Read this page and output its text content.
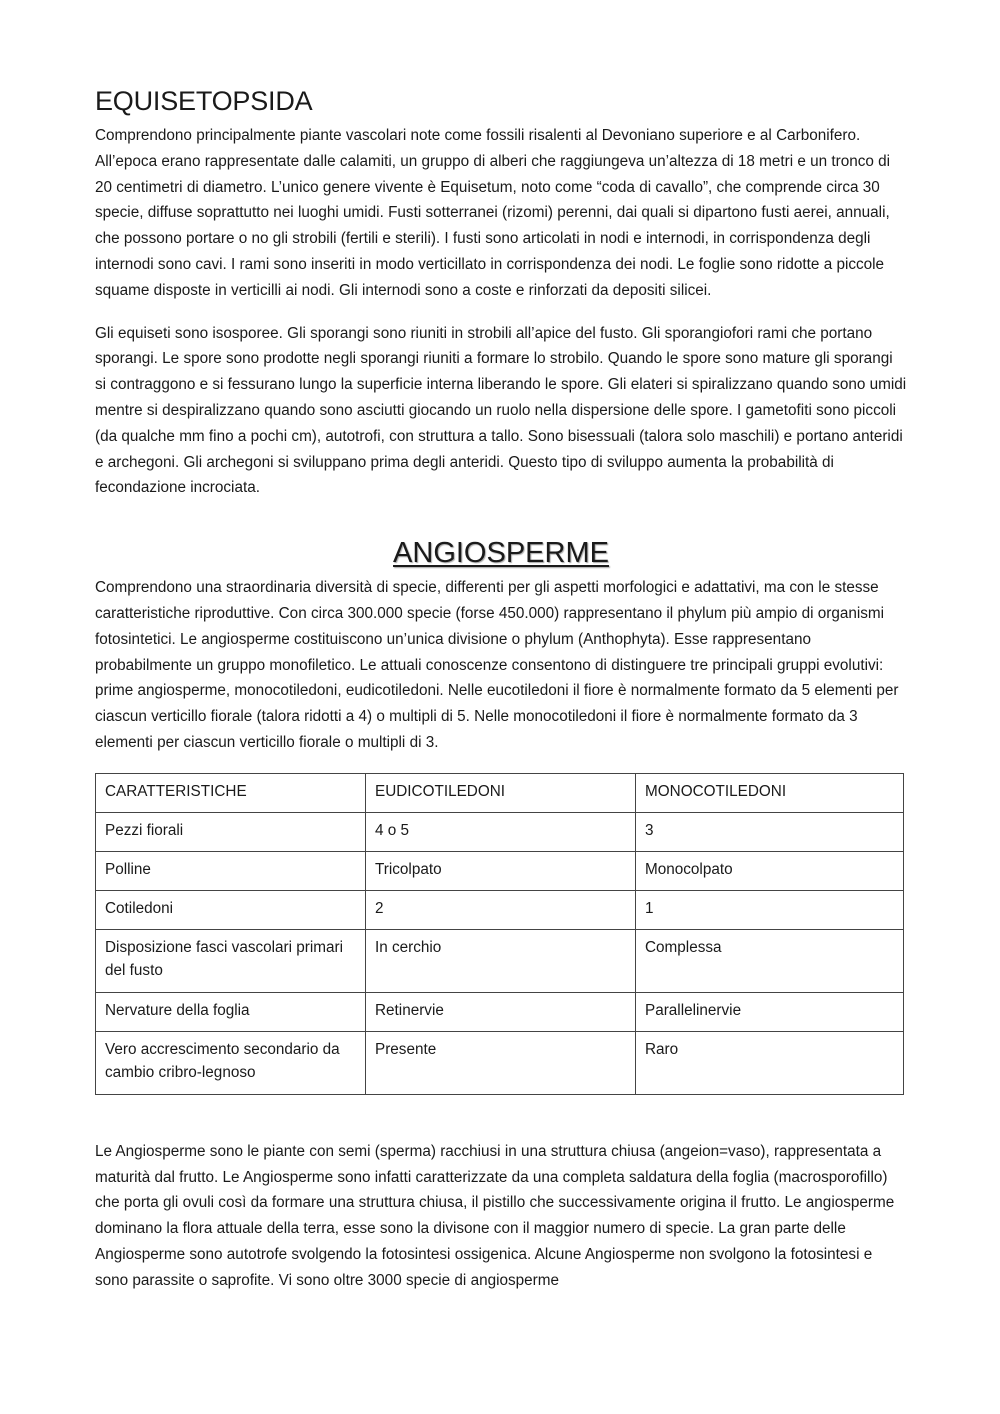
EQUISETOPSIDA

Comprendono principalmente piante vascolari note come fossili risalenti al Devoniano superiore e al Carbonifero. All’epoca erano rappresentate dalle calamiti, un gruppo di alberi che raggiungeva un’altezza di 18 metri e un tronco di 20 centimetri di diametro. L’unico genere vivente è Equisetum, noto come “coda di cavallo”, che comprende circa 30 specie, diffuse soprattutto nei luoghi umidi. Fusti sotterranei (rizomi) perenni, dai quali si dipartono fusti aerei, annuali, che possono portare o no gli strobili (fertili e sterili). I fusti sono articolati in nodi e internodi, in corrispondenza degli internodi sono cavi. I rami sono inseriti in modo verticillato in corrispondenza dei nodi. Le foglie sono ridotte a piccole squame disposte in verticilli ai nodi. Gli internodi sono a coste e rinforzati da depositi silicei.

Gli equiseti sono isosporee. Gli sporangi sono riuniti in strobili all’apice del fusto. Gli sporangiofori rami che portano sporangi. Le spore sono prodotte negli sporangi riuniti a formare lo strobilo. Quando le spore sono mature gli sporangi si contraggono e si fessurano lungo la superficie interna liberando le spore. Gli elateri si spiralizzano quando sono umidi mentre si despiralizzano quando sono asciutti giocando un ruolo nella dispersione delle spore. I gametofiti sono piccoli (da qualche mm fino a pochi cm), autotrofi, con struttura a tallo. Sono bisessuali (talora solo maschili) e portano anteridi e archegoni. Gli archegoni si sviluppano prima degli anteridi. Questo tipo di sviluppo aumenta la probabilità di fecondazione incrociata.

ANGIOSPERME

Comprendono una straordinaria diversità di specie, differenti per gli aspetti morfologici e adattativi, ma con le stesse caratteristiche riproduttive. Con circa 300.000 specie (forse 450.000) rappresentano il phylum più ampio di organismi fotosintetici. Le angiosperme costituiscono un’unica divisione o phylum (Anthophyta). Esse rappresentano probabilmente un gruppo monofiletico. Le attuali conoscenze consentono di distinguere tre principali gruppi evolutivi: prime angiosperme, monocotiledoni, eudicotiledoni. Nelle eucotiledoni il fiore è normalmente formato da 5 elementi per ciascun verticillo fiorale (talora ridotti a 4) o multipli di 5. Nelle monocotiledoni il fiore è normalmente formato da 3 elementi per ciascun verticillo fiorale o multipli di 3.

CARATTERISTICHE	EUDICOTILEDONI	MONOCOTILEDONI
Pezzi fiorali	4 o 5	3
Polline	Tricolpato	Monocolpato
Cotiledoni	2	1
Disposizione fasci vascolari primari del fusto	In cerchio	Complessa
Nervature della foglia	Retinervie	Parallelinervie
Vero accrescimento secondario da cambio cribro-legnoso	Presente	Raro

Le Angiosperme sono le piante con semi (sperma) racchiusi in una struttura chiusa (angeion=vaso), rappresentata a maturità dal frutto. Le Angiosperme sono infatti caratterizzate da una completa saldatura della foglia (macrosporofillo) che porta gli ovuli così da formare una struttura chiusa, il pistillo che successivamente origina il frutto. Le angiosperme dominano la flora attuale della terra, esse sono la divisone con il maggior numero di specie. La gran parte delle Angiosperme sono autotrofe svolgendo la fotosintesi ossigenica. Alcune Angiosperme non svolgono la fotosintesi e sono parassite o saprofite. Vi sono oltre 3000 specie di angiosperme
